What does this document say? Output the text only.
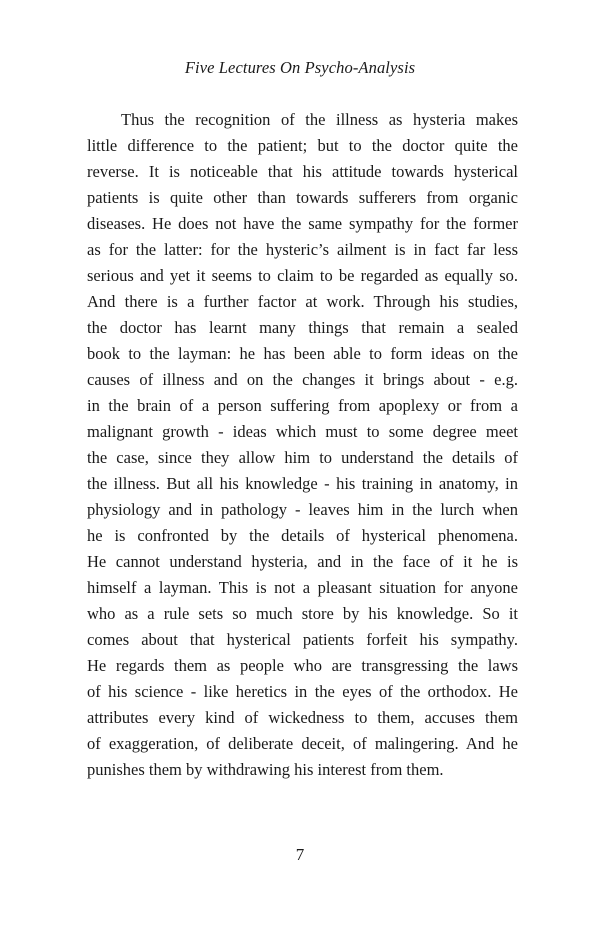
Five Lectures On Psycho-Analysis

Thus the recognition of the illness as hysteria makes
little difference to the patient; but to the doctor quite the
reverse. It is noticeable that his attitude towards hysterical
patients is quite other than towards sufferers from organic
diseases. He does not have the same sympathy for the former
as for the latter: for the hysteric’s ailment is in fact far less
serious and yet it seems to claim to be regarded as equally so.
And there is a further factor at work. Through his studies,
the doctor has learnt many things that remain a sealed
book to the layman: he has been able to form ideas on the
causes of illness and on the changes it brings about - e.g.
in the brain of a person suffering from apoplexy or from a
malignant growth - ideas which must to some degree meet
the case, since they allow him to understand the details of
the illness. But all his knowledge - his training in anatomy, in
physiology and in pathology - leaves him in the lurch when
he is confronted by the details of hysterical phenomena.
He cannot understand hysteria, and in the face of it he is
himself a layman. This is not a pleasant situation for anyone
who as a rule sets so much store by his knowledge. So it
comes about that hysterical patients forfeit his sympathy.
He regards them as people who are transgressing the laws
of his science - like heretics in the eyes of the orthodox. He
attributes every kind of wickedness to them, accuses them
of exaggeration, of deliberate deceit, of malingering. And he
punishes them by withdrawing his interest from them.

7
